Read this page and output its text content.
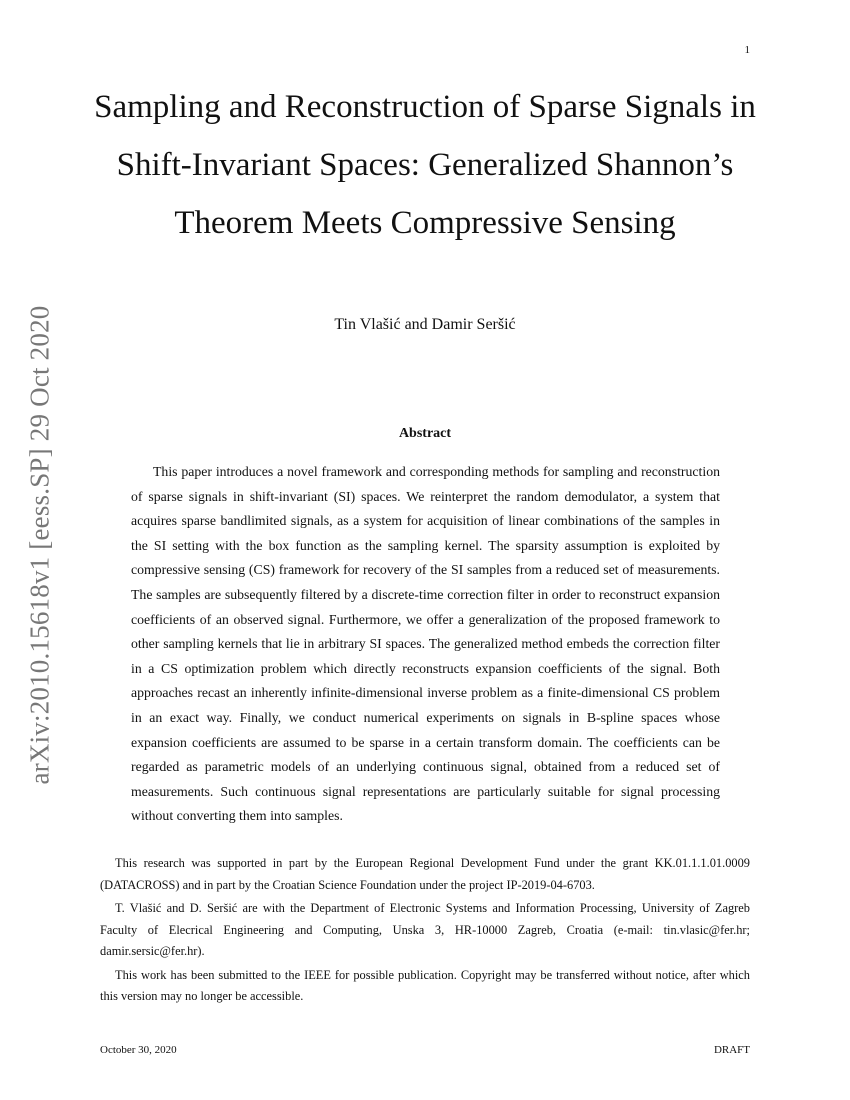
1
arXiv:2010.15618v1 [eess.SP] 29 Oct 2020
Sampling and Reconstruction of Sparse Signals in Shift-Invariant Spaces: Generalized Shannon’s Theorem Meets Compressive Sensing
Tin Vlašić and Damir Seršić
Abstract

This paper introduces a novel framework and corresponding methods for sampling and reconstruction of sparse signals in shift-invariant (SI) spaces. We reinterpret the random demodulator, a system that acquires sparse bandlimited signals, as a system for acquisition of linear combinations of the samples in the SI setting with the box function as the sampling kernel. The sparsity assumption is exploited by compressive sensing (CS) framework for recovery of the SI samples from a reduced set of measurements. The samples are subsequently filtered by a discrete-time correction filter in order to reconstruct expansion coefficients of an observed signal. Furthermore, we offer a generalization of the proposed framework to other sampling kernels that lie in arbitrary SI spaces. The generalized method embeds the correction filter in a CS optimization problem which directly reconstructs expansion coefficients of the signal. Both approaches recast an inherently infinite-dimensional inverse problem as a finite-dimensional CS problem in an exact way. Finally, we conduct numerical experiments on signals in B-spline spaces whose expansion coefficients are assumed to be sparse in a certain transform domain. The coefficients can be regarded as parametric models of an underlying continuous signal, obtained from a reduced set of measurements. Such continuous signal representations are particularly suitable for signal processing without converting them into samples.

This research was supported in part by the European Regional Development Fund under the grant KK.01.1.1.01.0009 (DATACROSS) and in part by the Croatian Science Foundation under the project IP-2019-04-6703.

T. Vlašić and D. Seršić are with the Department of Electronic Systems and Information Processing, University of Zagreb Faculty of Elecrical Engineering and Computing, Unska 3, HR-10000 Zagreb, Croatia (e-mail: tin.vlasic@fer.hr; damir.sersic@fer.hr).

This work has been submitted to the IEEE for possible publication. Copyright may be transferred without notice, after which this version may no longer be accessible.

October 30, 2020	DRAFT
